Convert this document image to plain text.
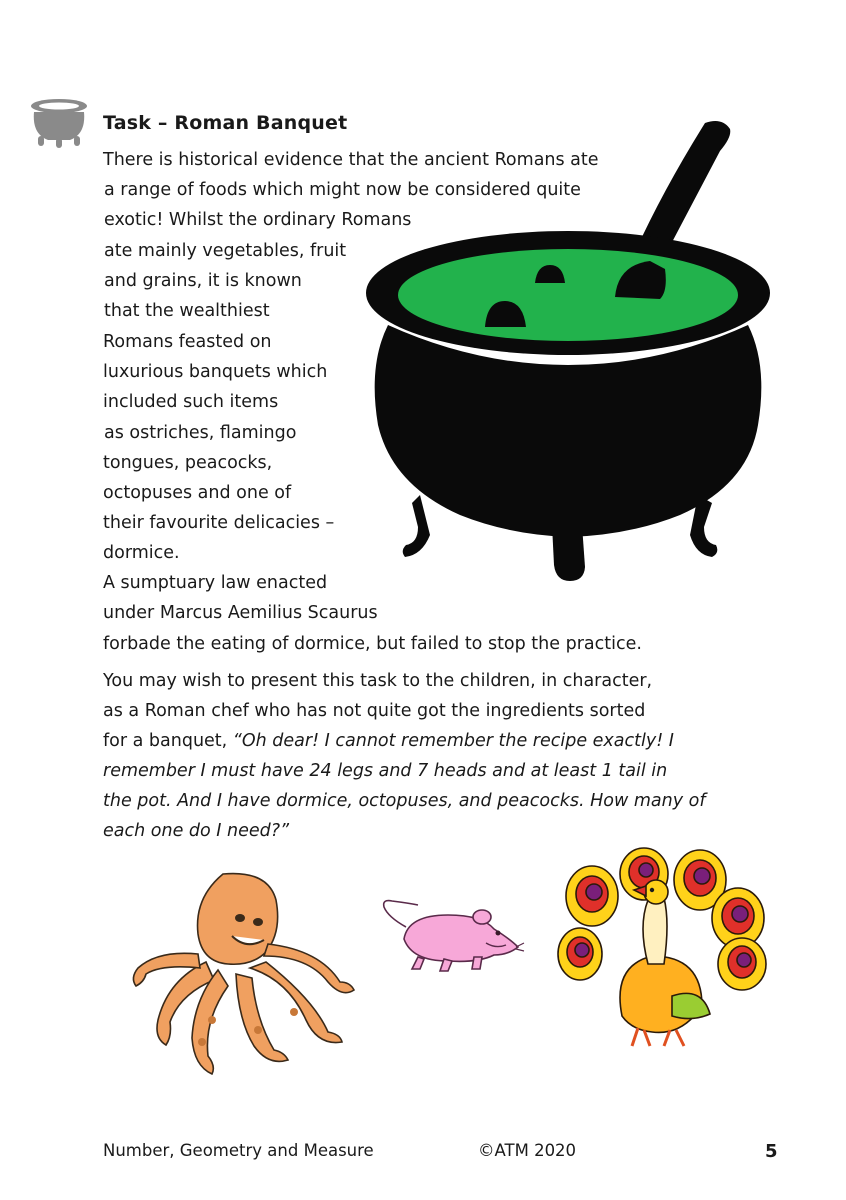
Task – Roman Banquet
There is historical evidence that the ancient Romans ate
a range of foods which might now be considered quite
exotic! Whilst the ordinary Romans
ate mainly vegetables, fruit
and grains, it is known
that the wealthiest
Romans feasted on
luxurious banquets which
included such items
as ostriches, flamingo
tongues, peacocks,
octopuses and one of
their favourite delicacies –
dormice.
A sumptuary law enacted
under Marcus Aemilius Scaurus
forbade the eating of dormice, but failed to stop the practice.
You may wish to present this task to the children, in character,
as a Roman chef who has not quite got the ingredients sorted
for a banquet, “Oh dear! I cannot remember the recipe exactly! I
remember I must have 24 legs and 7 heads and at least 1 tail in
the pot. And I have dormice, octopuses, and peacocks. How many of
each one do I need?”
Number, Geometry and Measure	©ATM 2020	5
